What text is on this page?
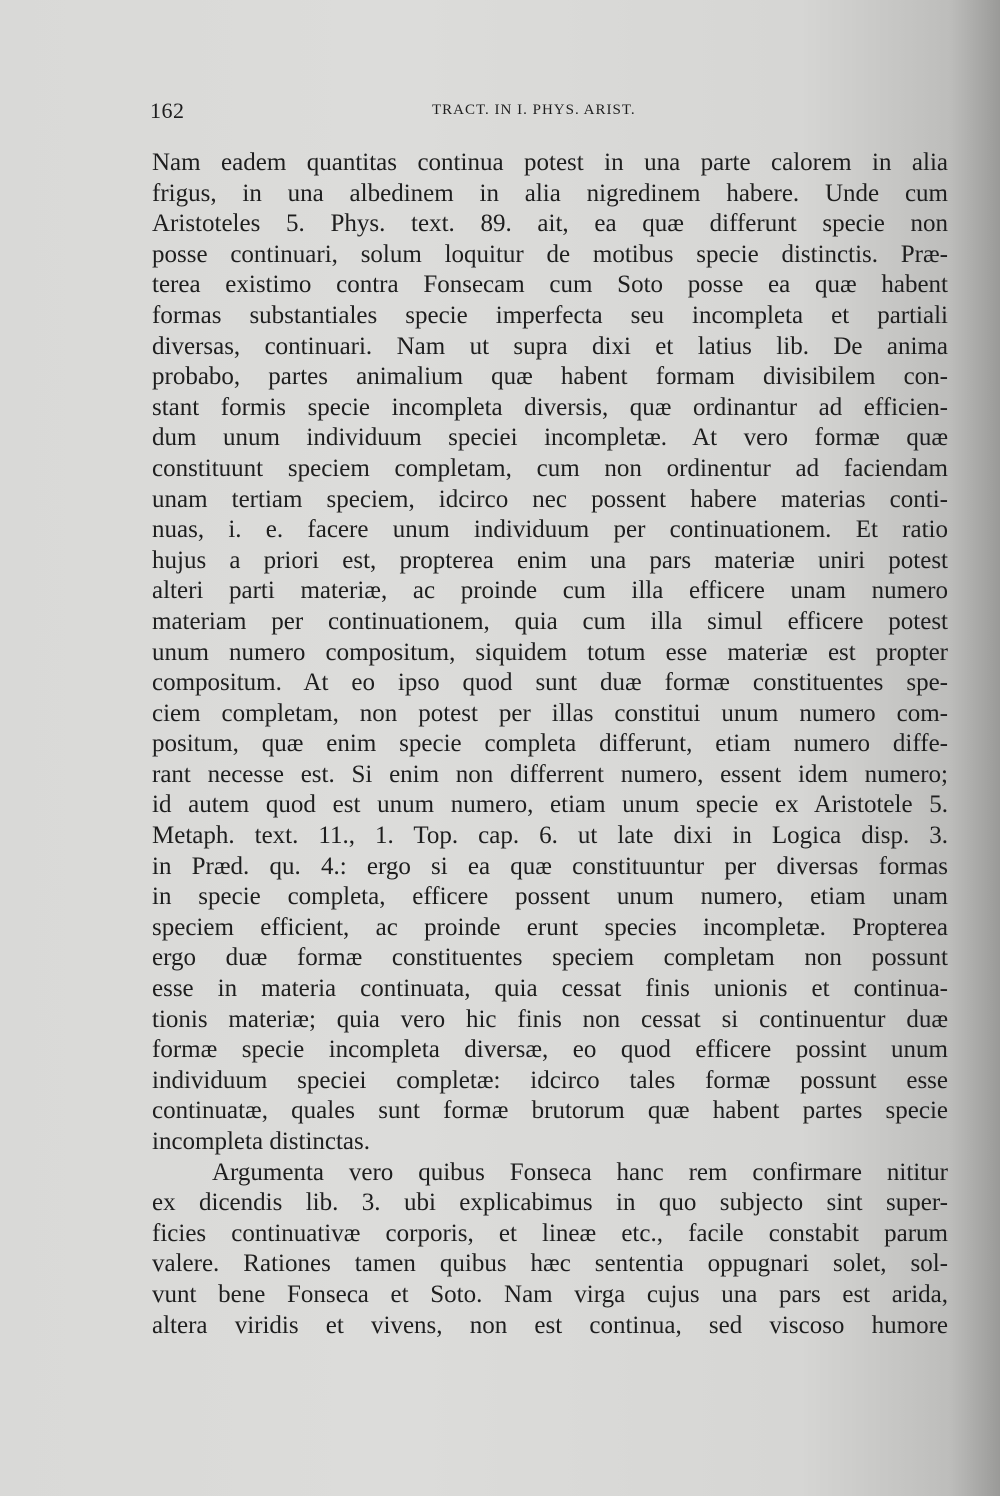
162	TRACT. IN I. PHYS. ARIST.
Nam eadem quantitas continua potest in una parte calorem in alia
frigus, in una albedinem in alia nigredinem habere. Unde cum
Aristoteles 5. Phys. text. 89. ait, ea quæ differunt specie non
posse continuari, solum loquitur de motibus specie distinctis. Præ-
terea existimo contra Fonsecam cum Soto posse ea quæ habent
formas substantiales specie imperfecta seu incompleta et partiali
diversas, continuari. Nam ut supra dixi et latius lib. De anima
probabo, partes animalium quæ habent formam divisibilem con-
stant formis specie incompleta diversis, quæ ordinantur ad efficien-
dum unum individuum speciei incompletæ. At vero formæ quæ
constituunt speciem completam, cum non ordinentur ad faciendam
unam tertiam speciem, idcirco nec possent habere materias conti-
nuas, i. e. facere unum individuum per continuationem. Et ratio
hujus a priori est, propterea enim una pars materiæ uniri potest
alteri parti materiæ, ac proinde cum illa efficere unam numero
materiam per continuationem, quia cum illa simul efficere potest
unum numero compositum, siquidem totum esse materiæ est propter
compositum. At eo ipso quod sunt duæ formæ constituentes spe-
ciem completam, non potest per illas constitui unum numero com-
positum, quæ enim specie completa differunt, etiam numero diffe-
rant necesse est. Si enim non differrent numero, essent idem numero;
id autem quod est unum numero, etiam unum specie ex Aristotele 5.
Metaph. text. 11., 1. Top. cap. 6. ut late dixi in Logica disp. 3.
in Præd. qu. 4.: ergo si ea quæ constituuntur per diversas formas
in specie completa, efficere possent unum numero, etiam unam
speciem efficient, ac proinde erunt species incompletæ. Propterea
ergo duæ formæ constituentes speciem completam non possunt
esse in materia continuata, quia cessat finis unionis et continua-
tionis materiæ; quia vero hic finis non cessat si continuentur duæ
formæ specie incompleta diversæ, eo quod efficere possint unum
individuum speciei completæ: idcirco tales formæ possunt esse
continuatæ, quales sunt formæ brutorum quæ habent partes specie
incompleta distinctas.
Argumenta vero quibus Fonseca hanc rem confirmare nititur
ex dicendis lib. 3. ubi explicabimus in quo subjecto sint super-
ficies continuativæ corporis, et lineæ etc., facile constabit parum
valere. Rationes tamen quibus hæc sententia oppugnari solet, sol-
vunt bene Fonseca et Soto. Nam virga cujus una pars est arida,
altera viridis et vivens, non est continua, sed viscoso humore
